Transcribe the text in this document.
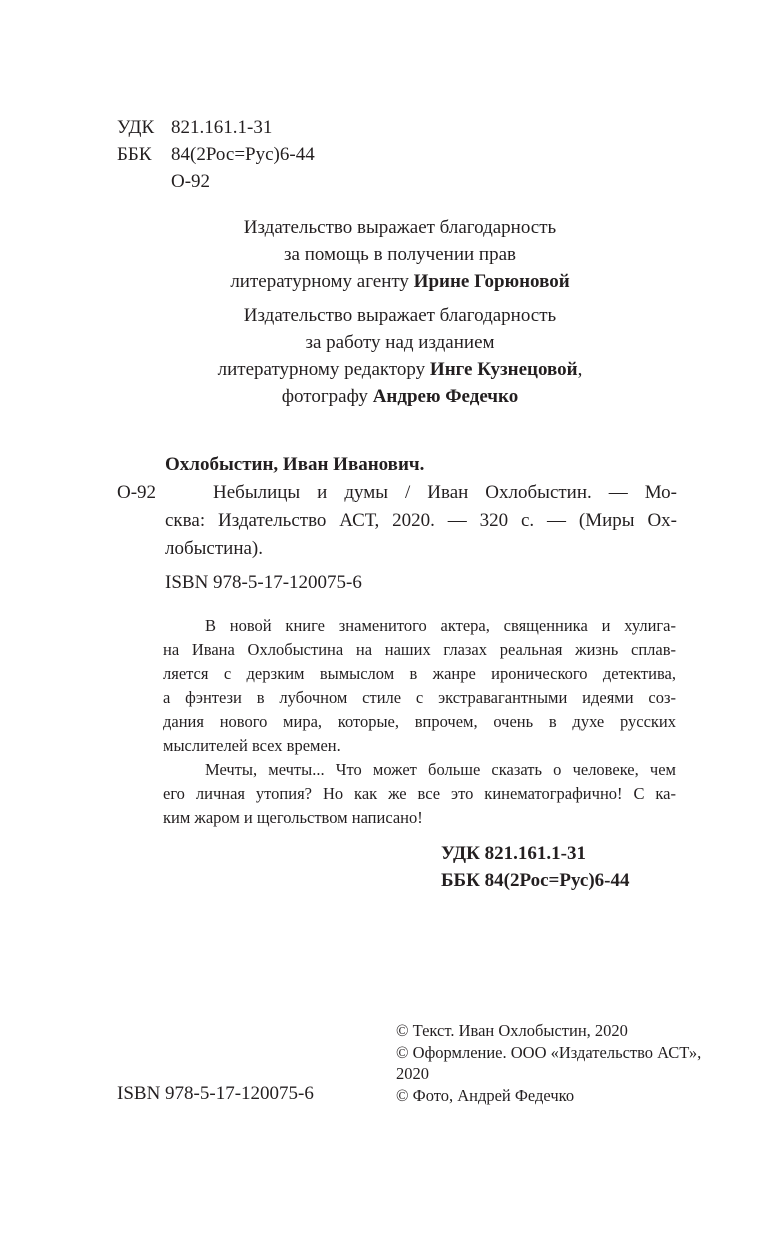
УДК 821.161.1-31
ББК	84(2Рос=Рус)6-44
О-92
Издательство выражает благодарность
за помощь в получении прав
литературному агенту Ирине Горюновой
Издательство выражает благодарность
за работу над изданием
литературному редактору Инге Кузнецовой,
фотографу Андрею Федечко
Охлобыстин, Иван Иванович.
О-92	Небылицы и думы / Иван Охлобыстин. — Мо-
сква: Издательство АСТ, 2020. — 320 с. — (Миры Ох-
лобыстина).
ISBN 978-5-17-120075-6
В новой книге знаменитого актера, священника и хулига-
на Ивана Охлобыстина на наших глазах реальная жизнь сплав-
ляется с дерзким вымыслом в жанре иронического детектива,
а фэнтези в лубочном стиле с экстравагантными идеями соз-
дания нового мира, которые, впрочем, очень в духе русских
мыслителей всех времен.
Мечты, мечты... Что может больше сказать о человеке, чем
его личная утопия? Но как же все это кинематографично! С ка-
ким жаром и щегольством написано!
УДК 821.161.1-31
ББК 84(2Рос=Рус)6-44
© Текст. Иван Охлобыстин, 2020
© Оформление. ООО «Издательство АСТ»,
2020
© Фото, Андрей Федечко
ISBN 978-5-17-120075-6
